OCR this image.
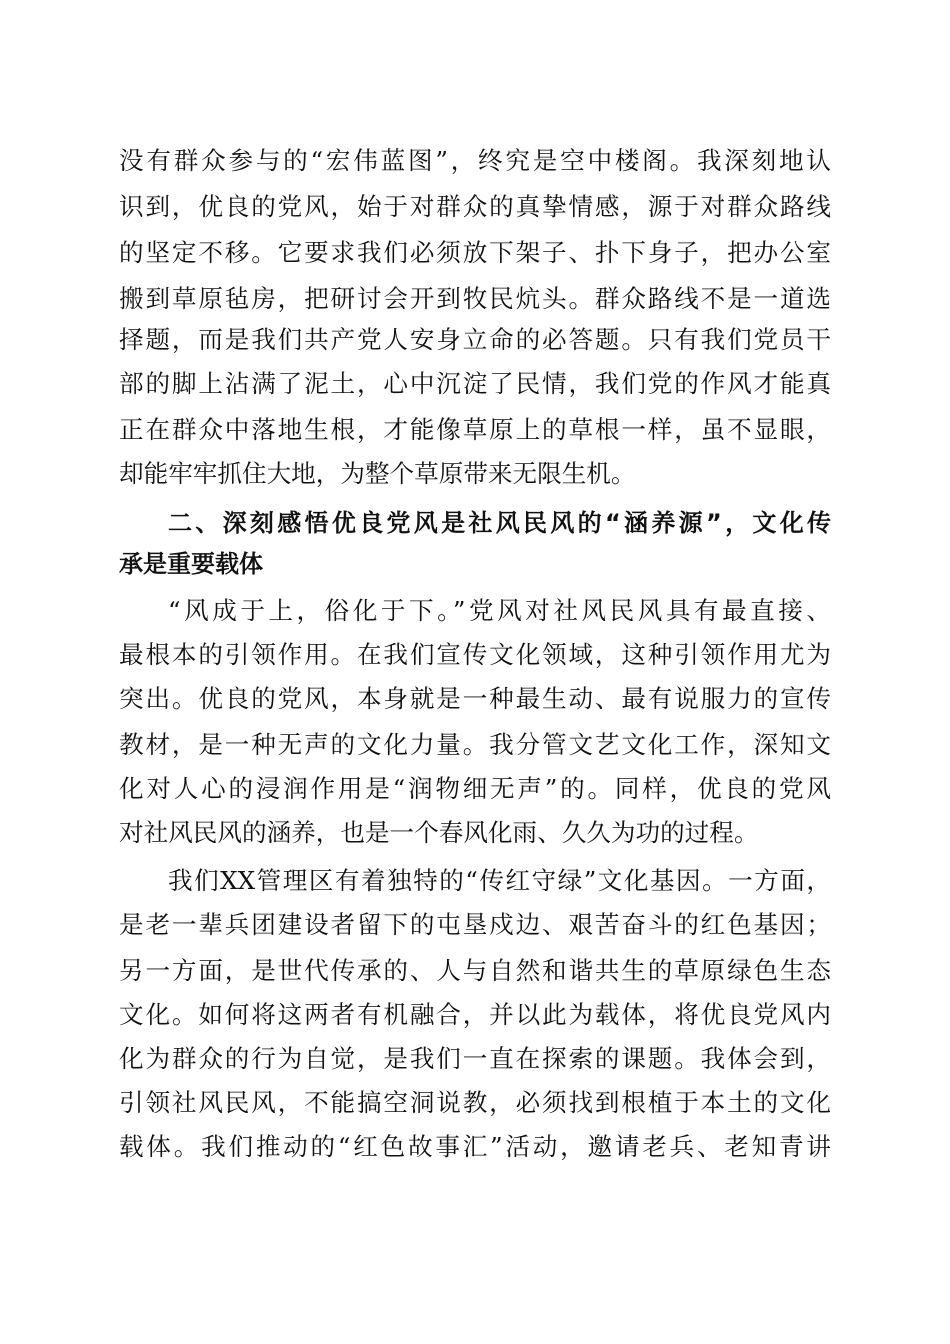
没有群众参与的“宏伟蓝图”，终究是空中楼阁。我深刻地认
识到，优良的党风，始于对群众的真挚情感，源于对群众路线
的坚定不移。它要求我们必须放下架子、扑下身子，把办公室
搬到草原毡房，把研讨会开到牧民炕头。群众路线不是一道选
择题，而是我们共产党人安身立命的必答题。只有我们党员干
部的脚上沾满了泥土，心中沉淀了民情，我们党的作风才能真
正在群众中落地生根，才能像草原上的草根一样，虽不显眼，
却能牢牢抓住大地，为整个草原带来无限生机。
二、深刻感悟优良党风是社风民风的“涵养源”，文化传
承是重要载体
“风成于上，俗化于下。”党风对社风民风具有最直接、
最根本的引领作用。在我们宣传文化领域，这种引领作用尤为
突出。优良的党风，本身就是一种最生动、最有说服力的宣传
教材，是一种无声的文化力量。我分管文艺文化工作，深知文
化对人心的浸润作用是“润物细无声”的。同样，优良的党风
对社风民风的涵养，也是一个春风化雨、久久为功的过程。
我们XX管理区有着独特的“传红守绿”文化基因。一方面，
是老一辈兵团建设者留下的屯垦戍边、艰苦奋斗的红色基因；
另一方面，是世代传承的、人与自然和谐共生的草原绿色生态
文化。如何将这两者有机融合，并以此为载体，将优良党风内
化为群众的行为自觉，是我们一直在探索的课题。我体会到，
引领社风民风，不能搞空洞说教，必须找到根植于本土的文化
载体。我们推动的“红色故事汇”活动，邀请老兵、老知青讲
